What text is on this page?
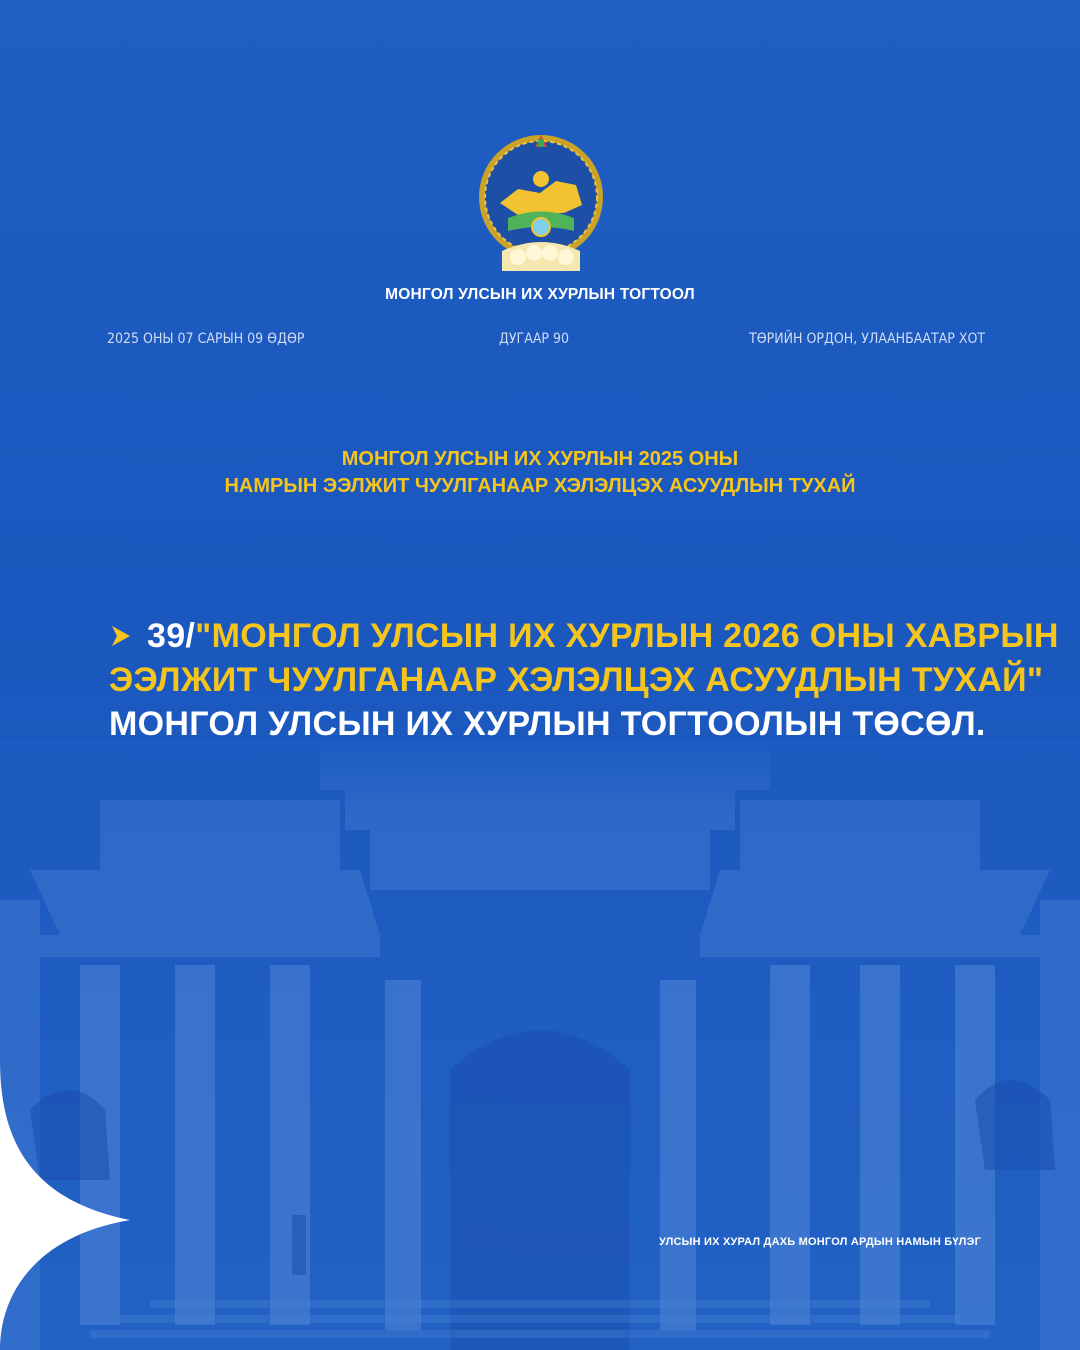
МОНГОЛ УЛСЫН ИХ ХУРЛЫН ТОГТООЛ
2025 ОНЫ 07 САРЫН 09 ӨДӨР	ДУГААР 90	ТӨРИЙН ОРДОН, УЛААНБААТАР ХОТ
МОНГОЛ УЛСЫН ИХ ХУРЛЫН 2025 ОНЫ
НАМРЫН ЭЭЛЖИТ ЧУУЛГАНААР ХЭЛЭЛЦЭХ АСУУДЛЫН ТУХАЙ
39/"МОНГОЛ УЛСЫН ИХ ХУРЛЫН 2026 ОНЫ ХАВРЫН
ЭЭЛЖИТ ЧУУЛГАНААР ХЭЛЭЛЦЭХ АСУУДЛЫН ТУХАЙ"
МОНГОЛ УЛСЫН ИХ ХУРЛЫН ТОГТООЛЫН ТӨСӨЛ.
УЛСЫН ИХ ХУРАЛ ДАХЬ МОНГОЛ АРДЫН НАМЫН БҮЛЭГ
